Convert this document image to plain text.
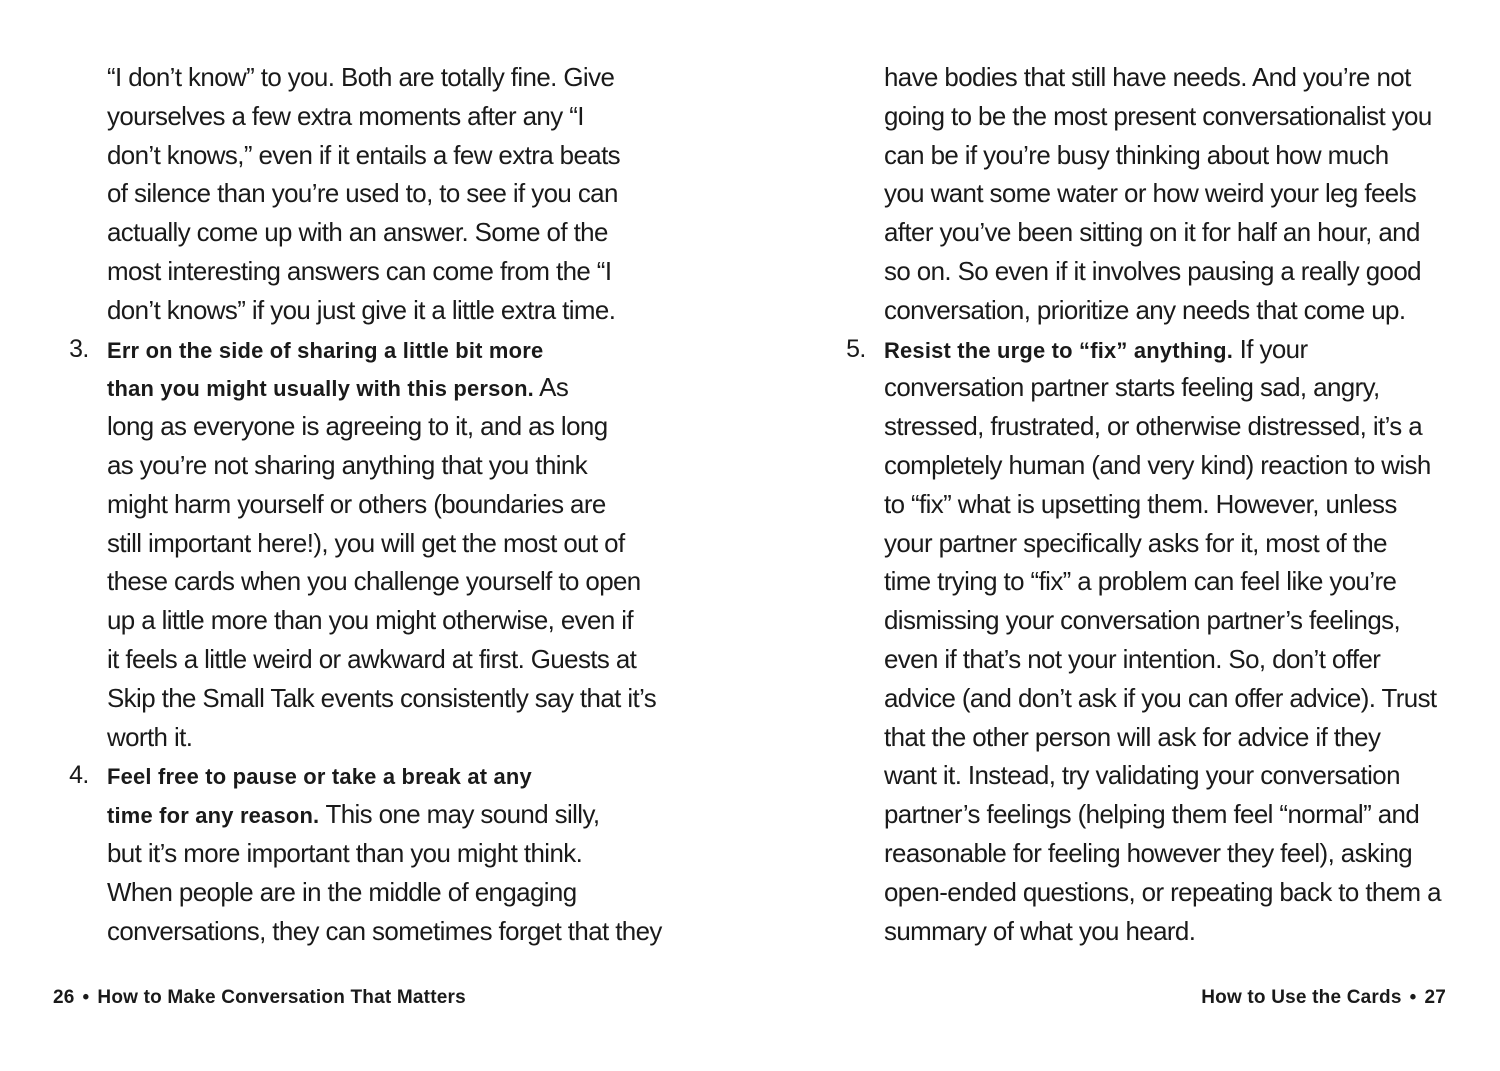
“I don’t know” to you. Both are totally fine. Give
yourselves a few extra moments after any “I
don’t knows,” even if it entails a few extra beats
of silence than you’re used to, to see if you can
actually come up with an answer. Some of the
most interesting answers can come from the “I
don’t knows” if you just give it a little extra time.
3. Err on the side of sharing a little bit more
than you might usually with this person. As
long as everyone is agreeing to it, and as long
as you’re not sharing anything that you think
might harm yourself or others (boundaries are
still important here!), you will get the most out of
these cards when you challenge yourself to open
up a little more than you might otherwise, even if
it feels a little weird or awkward at first. Guests at
Skip the Small Talk events consistently say that it’s
worth it.
4. Feel free to pause or take a break at any
time for any reason. This one may sound silly,
but it’s more important than you might think.
When people are in the middle of engaging
conversations, they can sometimes forget that they
26 • How to Make Conversation That Matters
have bodies that still have needs. And you’re not
going to be the most present conversationalist you
can be if you’re busy thinking about how much
you want some water or how weird your leg feels
after you’ve been sitting on it for half an hour, and
so on. So even if it involves pausing a really good
conversation, prioritize any needs that come up.
5. Resist the urge to “fix” anything. If your
conversation partner starts feeling sad, angry,
stressed, frustrated, or otherwise distressed, it’s a
completely human (and very kind) reaction to wish
to “fix” what is upsetting them. However, unless
your partner specifically asks for it, most of the
time trying to “fix” a problem can feel like you’re
dismissing your conversation partner’s feelings,
even if that’s not your intention. So, don’t offer
advice (and don’t ask if you can offer advice). Trust
that the other person will ask for advice if they
want it. Instead, try validating your conversation
partner’s feelings (helping them feel “normal” and
reasonable for feeling however they feel), asking
open-ended questions, or repeating back to them a
summary of what you heard.
How to Use the Cards • 27
